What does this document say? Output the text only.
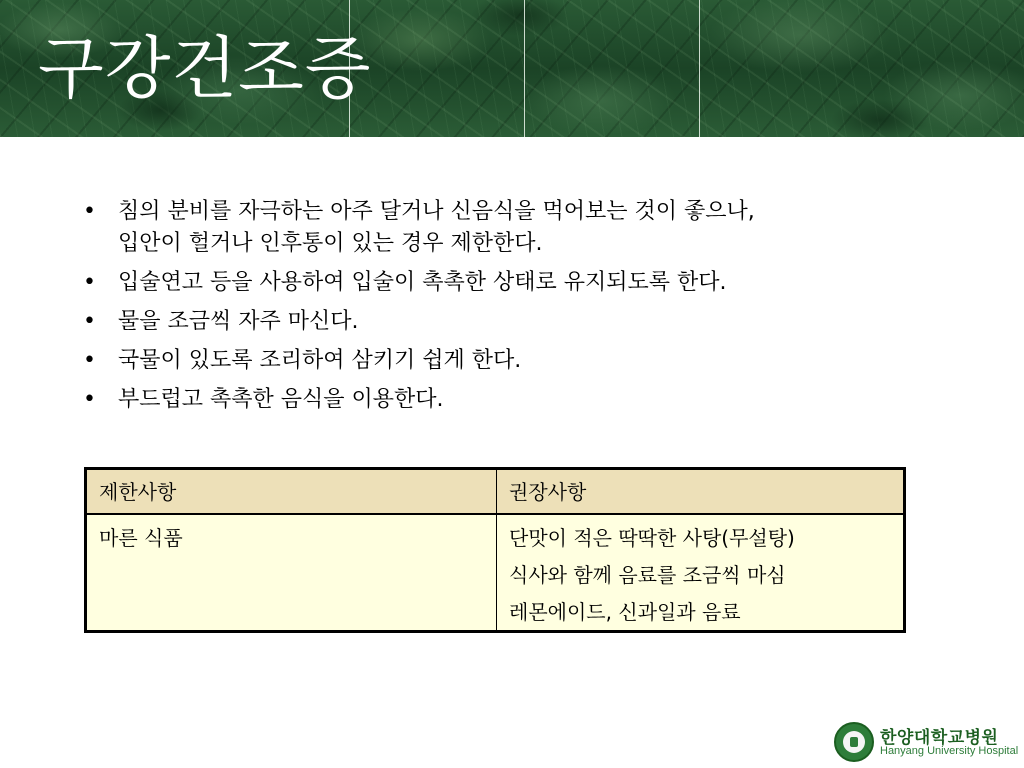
구강건조증
• 침의 분비를 자극하는 아주 달거나 신음식을 먹어보는 것이 좋으나,
입안이 헐거나 인후통이 있는 경우 제한한다.
• 입술연고 등을 사용하여 입술이 촉촉한 상태로 유지되도록 한다.
• 물을 조금씩 자주 마신다.
• 국물이 있도록 조리하여 삼키기 쉽게 한다.
• 부드럽고 촉촉한 음식을 이용한다.
제한사항	권장사항
마른 식품	단맛이 적은 딱딱한 사탕(무설탕)
식사와 함께 음료를 조금씩 마심
레몬에이드, 신과일과 음료
한양대학교병원
Hanyang University Hospital
